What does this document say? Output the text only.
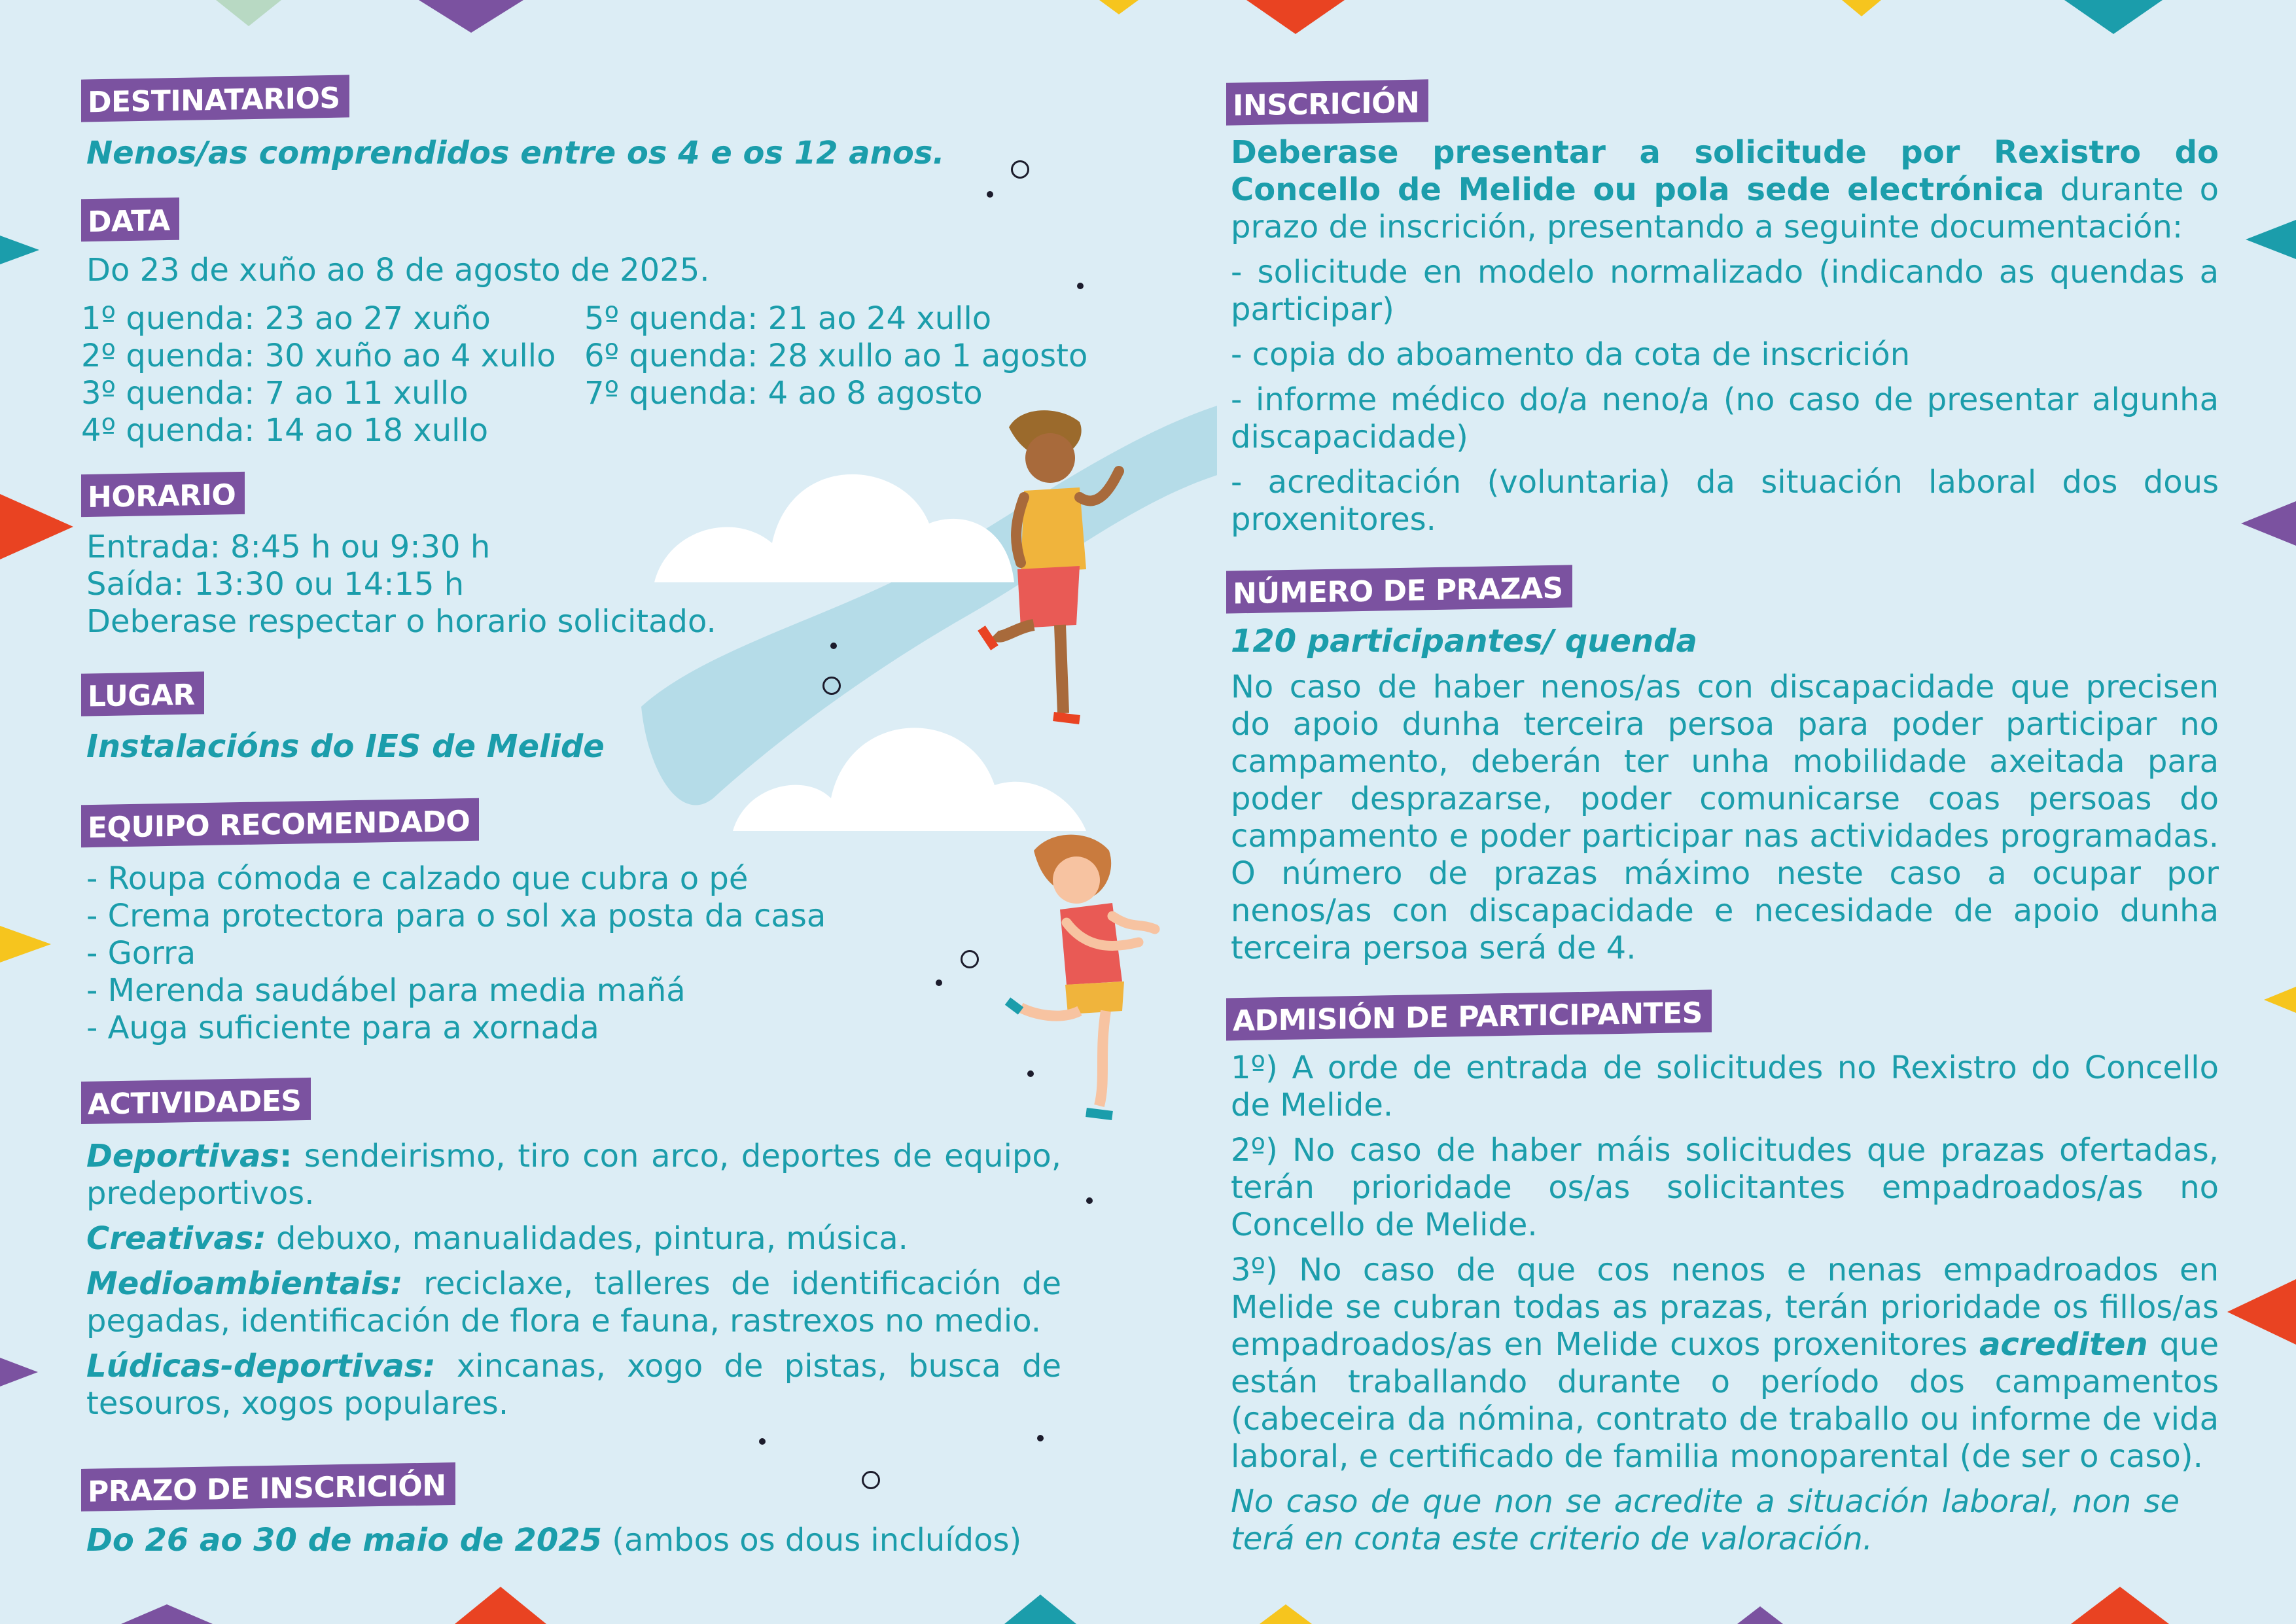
DESTINATARIOS
Nenos/as comprendidos entre os 4 e os 12 anos.
DATA
Do 23 de xuño ao 8 de agosto de 2025.
1º quenda: 23 ao 27 xuño
2º quenda: 30 xuño ao 4 xullo
3º quenda: 7 ao 11 xullo
4º quenda: 14 ao 18 xullo
5º quenda: 21 ao 24 xullo
6º quenda: 28 xullo ao 1 agosto
7º quenda: 4 ao 8 agosto
HORARIO
Entrada: 8:45 h ou 9:30 h
Saída: 13:30 ou 14:15 h
Deberase respectar o horario solicitado.
LUGAR
Instalacións do IES de Melide
EQUIPO RECOMENDADO
- Roupa cómoda e calzado que cubra o pé
- Crema protectora para o sol xa posta da casa
- Gorra
- Merenda saudábel para media mañá
- Auga suficiente para a xornada
ACTIVIDADES
Deportivas: sendeirismo, tiro con arco, deportes de equipo, predeportivos.
Creativas: debuxo, manualidades, pintura, música.
Medioambientais: reciclaxe, talleres de identificación de pegadas, identificación de flora e fauna, rastrexos no medio.
Lúdicas-deportivas: xincanas, xogo de pistas, busca de tesouros, xogos populares.
PRAZO DE INSCRICIÓN
Do 26 ao 30 de maio de 2025 (ambos os dous incluídos)
INSCRICIÓN
Deberase presentar a solicitude por Rexistro do Concello de Melide ou pola sede electrónica durante o prazo de inscrición, presentando a seguinte documentación:
- solicitude en modelo normalizado (indicando as quendas a participar)
- copia do aboamento da cota de inscrición
- informe médico do/a neno/a (no caso de presentar algunha discapacidade)
- acreditación (voluntaria) da situación laboral dos dous proxenitores.
NÚMERO DE PRAZAS
120 participantes/ quenda
No caso de haber nenos/as con discapacidade que precisen do apoio dunha terceira persoa para poder participar no campamento, deberán ter unha mobilidade axeitada para poder desprazarse, poder comunicarse coas persoas do campamento e poder participar nas actividades programadas. O número de prazas máximo neste caso a ocupar por nenos/as con discapacidade e necesidade de apoio dunha terceira persoa será de 4.
ADMISIÓN DE PARTICIPANTES
1º) A orde de entrada de solicitudes no Rexistro do Concello de Melide.
2º) No caso de haber máis solicitudes que prazas ofertadas, terán prioridade os/as solicitantes empadroados/as no Concello de Melide.
3º) No caso de que cos nenos e nenas empadroados en Melide se cubran todas as prazas, terán prioridade os fillos/as empadroados/as en Melide cuxos proxenitores acrediten que están traballando durante o período dos campamentos (cabeceira da nómina, contrato de traballo ou informe de vida laboral, e certificado de familia monoparental (de ser o caso).
No caso de que non se acredite a situación laboral, non se terá en conta este criterio de valoración.
